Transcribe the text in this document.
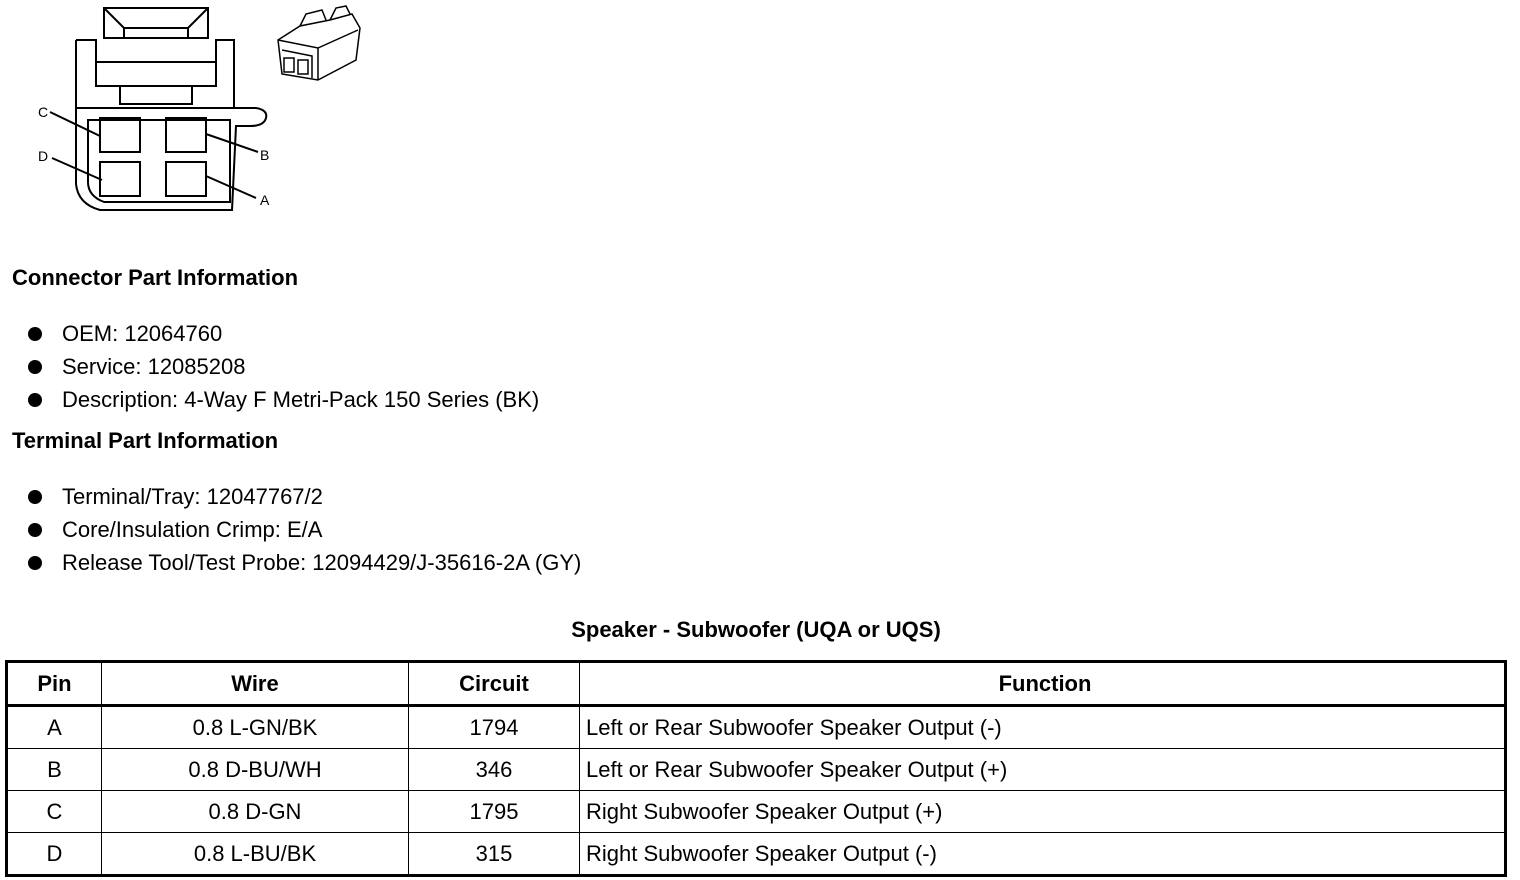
C
D	B
A
Connector Part Information
OEM: 12064760
Service: 12085208
Description: 4-Way F Metri-Pack 150 Series (BK)
Terminal Part Information
Terminal/Tray: 12047767/2
Core/Insulation Crimp: E/A
Release Tool/Test Probe: 12094429/J-35616-2A (GY)
Speaker - Subwoofer (UQA or UQS)
Pin	Wire	Circuit	Function
A	0.8 L-GN/BK	1794	Left or Rear Subwoofer Speaker Output (-)
B	0.8 D-BU/WH	346	Left or Rear Subwoofer Speaker Output (+)
C	0.8 D-GN	1795	Right Subwoofer Speaker Output (+)
D	0.8 L-BU/BK	315	Right Subwoofer Speaker Output (-)
